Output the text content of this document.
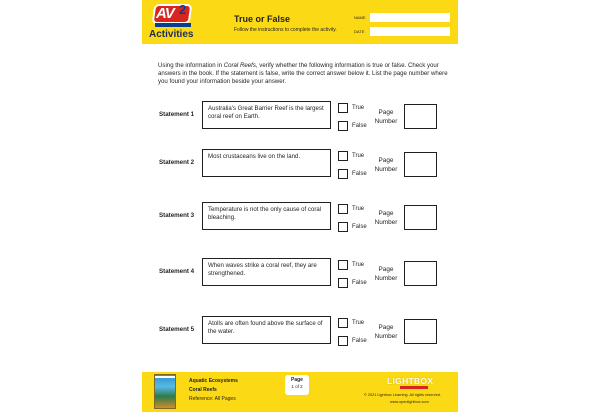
AV 2
Activities
True or False
Follow the instructions to complete the activity.
NAME
DATE
Using the information in Coral Reefs, verify whether the following information is true or false. Check your answers in the book. If the statement is false, write the correct answer below it. List the page number where you found your information beside your answer.
Statement 1
Australia's Great Barrier Reef is the largest coral reef on Earth.
True
False
Page Number
Statement 2
Most crustaceans live on the land.	True
False
Page Number
Statement 3
Temperature is not the only cause of coral bleaching.
True
False
Page Number
Statement 4
When waves strike a coral reef, they are strengthened.
True
False
Page Number
Statement 5
Atolls are often found above the surface of the water.
True
False
Page Number
Aquatic Ecosystems
Coral Reefs
Reference: All Pages
Page
1 of 2
LIGHTBOX
© 2021 Lightbox Learning. All rights reserved.
www.openlightbox.com
